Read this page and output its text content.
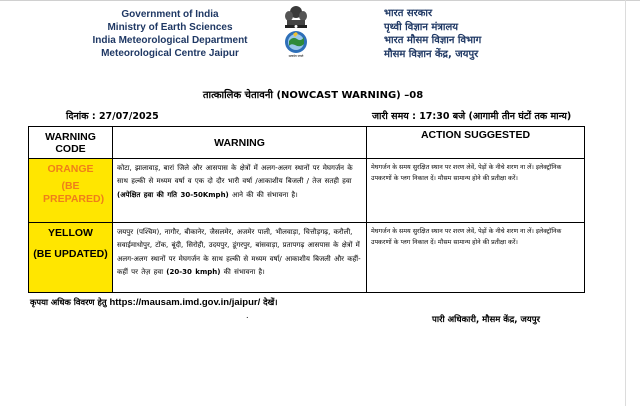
Government of India
Ministry of Earth Sciences
India Meteorological Department
Meteorological Centre Jaipur	सत्यमेव जयते
भारत सरकार
पृथ्वी विज्ञान मंत्रालय
भारत मौसम विज्ञान विभाग
मौसम विज्ञान केंद्र, जयपुर
तात्कालिक चेतावनी (NOWCAST WARNING) –08
दिनांक : 27/07/2025	जारी समय : 17:30 बजे (आगामी तीन घंटों तक मान्य)
WARNING CODE	WARNING	ACTION SUGGESTED

ORANGE
(BE PREPARED)	कोटा, झालावाड़, बारां जिले और आसपास के क्षेत्रों में अलग-अलग स्थानों पर मेघगर्जन के साथ हल्की से मध्यम वर्षा व एक दो दौर भारी वर्षा /आकाशीय बिजली / तेज सतही हवा (अपेक्षित हवा की गति 30-50Kmph) आने की की संभावना है।	मेघगर्जन के समय सुरक्षित स्थान पर शरण लेवें, पेड़ों के नीचे शरण ना लें। इलेक्ट्रॉनिक उपकरणों के प्लग निकाल दें। मौसम सामान्य होने की प्रतीक्षा करें।

YELLOW
(BE UPDATED)	जयपुर (पश्चिम), नागौर, बीकानेर, जैसलमेर, अजमेर पाली, भीलवाड़ा, चित्तौड़गढ़, करौली, सवाईमाधोपुर, टोंक, बूंदी, सिरोही, उदयपुर, डूंगरपुर, बांसवाड़ा, प्रतापगढ़ आसपास के क्षेत्रों में अलग-अलग स्थानों पर मेघगर्जन के साथ हल्की से मध्यम वर्षा/ आकाशीय बिजली और कहीं-कहीं पर तेज़ हवा (20-30 kmph) की संभावना है।	मेघगर्जन के समय सुरक्षित स्थान पर शरण लेवें, पेड़ों के नीचे शरण ना लें। इलेक्ट्रॉनिक उपकरणों के प्लग निकाल दें। मौसम सामान्य होने की प्रतीक्षा करें।
कृपया अधिक विवरण हेतु https://mausam.imd.gov.in/jaipur/ देखें।
.	पारी अधिकारी, मौसम केंद्र, जयपुर
